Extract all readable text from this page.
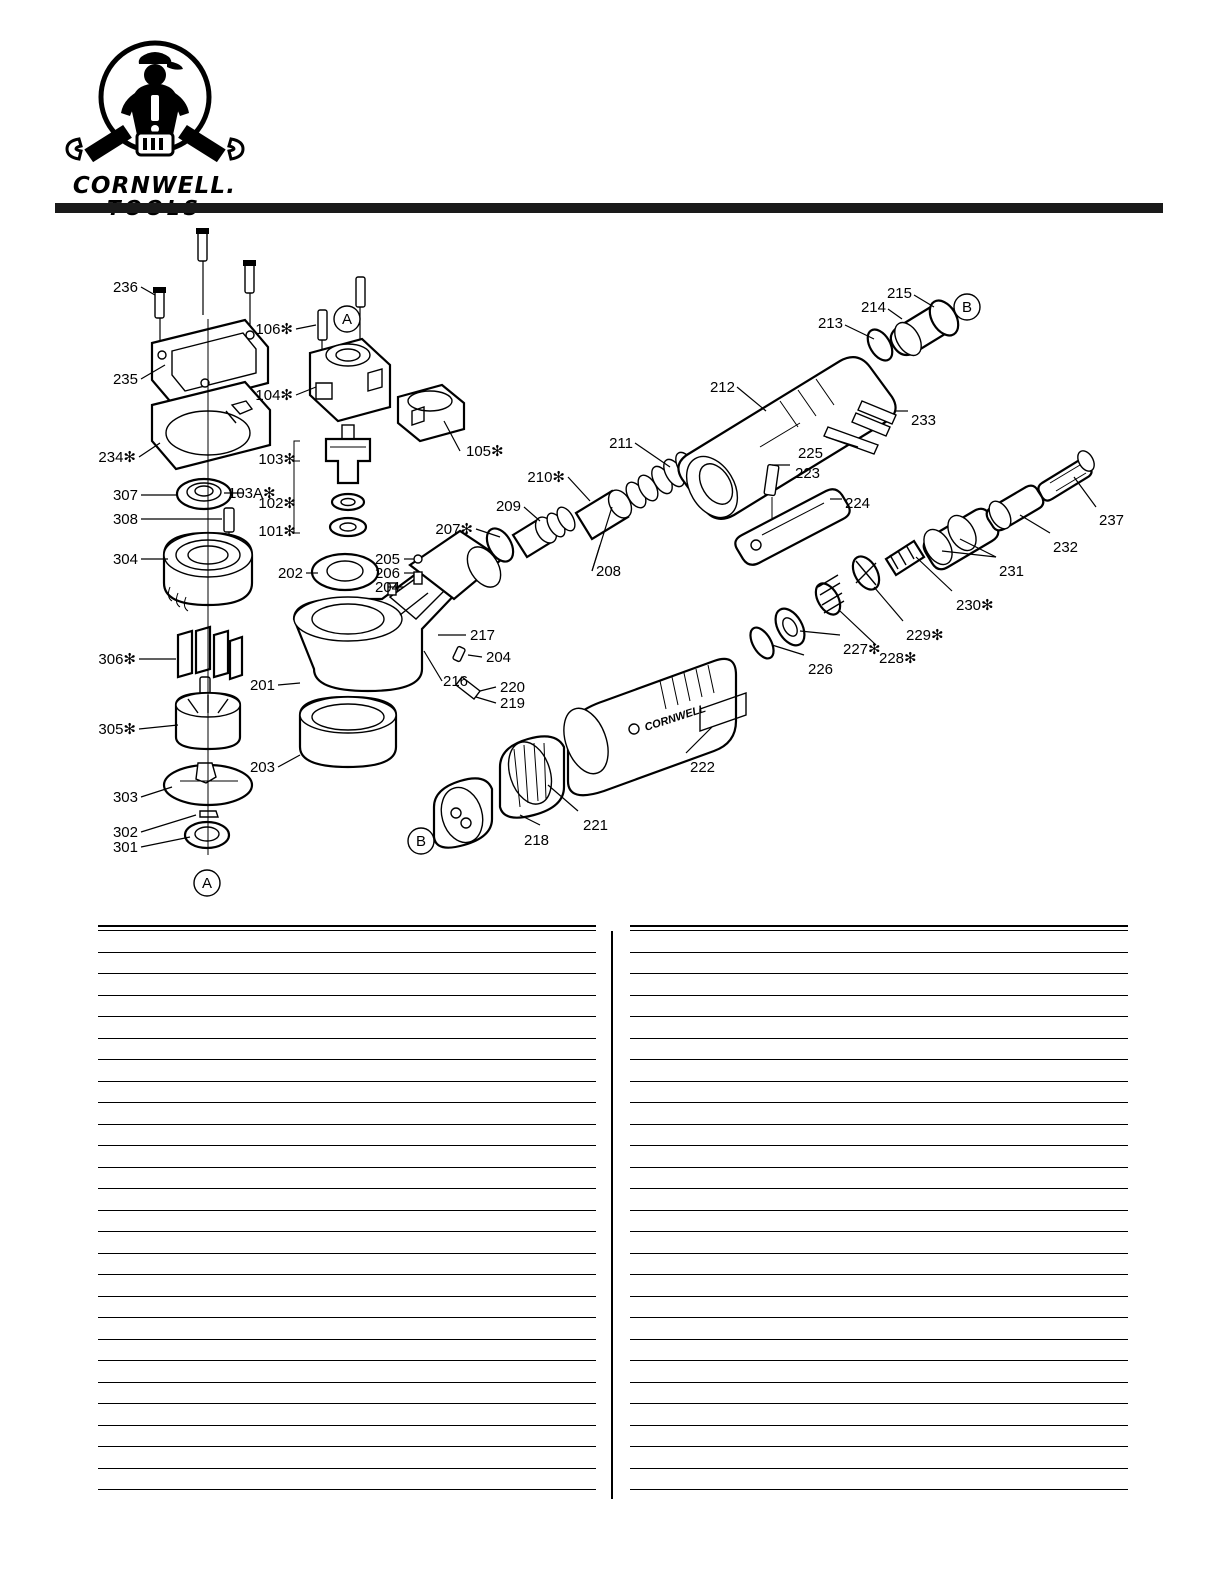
CORNWELL.
A
A
B
CORNWELL
B
236
235
234✻
307	103A✻
308
304
306✻
305✻
303
302
301
106✻
104✻
105✻
103✻
102✻
101✻
202
205
206
204
207✻
209
210✻
211
208
201
203
216
217
204
220
219
218
221
222
212
213
214
215
233
225
223
224
226
227✻
228✻
229✻
230✻
231
232
237
